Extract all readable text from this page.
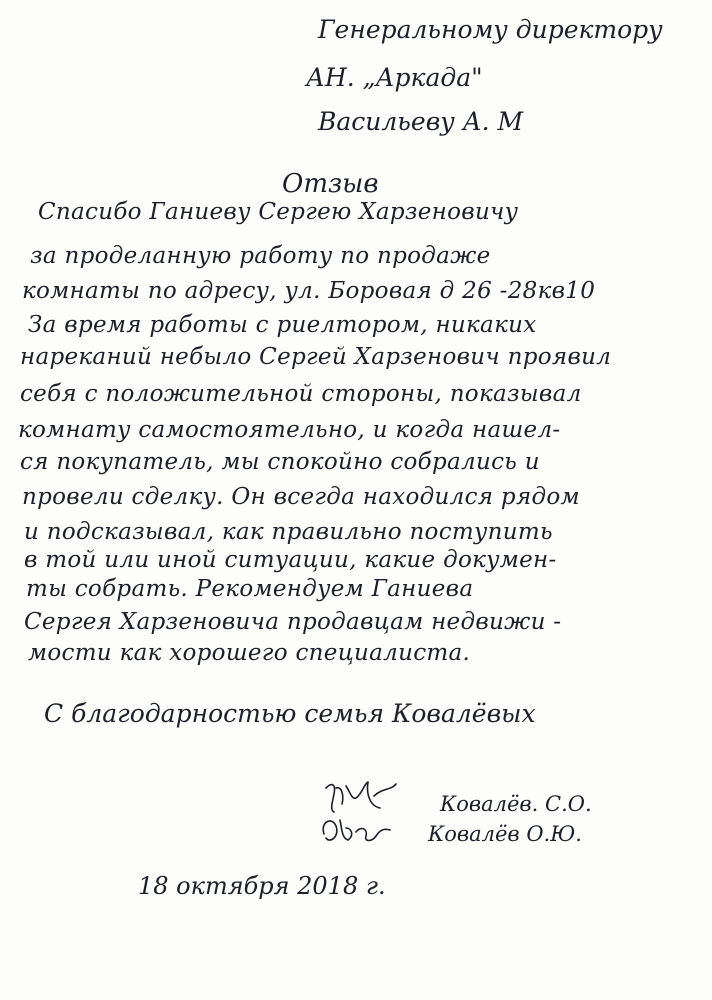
Генеральному директору
АН. „Аркада"
Васильеву А. М
Отзыв
Спасибо Ганиеву Сергею Харзеновичу
за проделанную работу по продаже
комнаты по адресу, ул. Боровая д 26 -28кв10
За время работы с риелтором, никаких
нареканий небыло Сергей Харзенович проявил
себя с положительной стороны, показывал
комнату самостоятельно, и когда нашел-
ся покупатель, мы спокойно собрались и
провели сделку. Он всегда находился рядом
и подсказывал, как правильно поступить
в той или иной ситуации, какие докумен-
ты собрать. Рекомендуем Ганиева
Сергея Харзеновича продавцам недвижи -
мости как хорошего специалиста.
С благодарностью семья Ковалёвых
Ковалёв. С.О.
Ковалёв О.Ю.
18 октября 2018 г.
